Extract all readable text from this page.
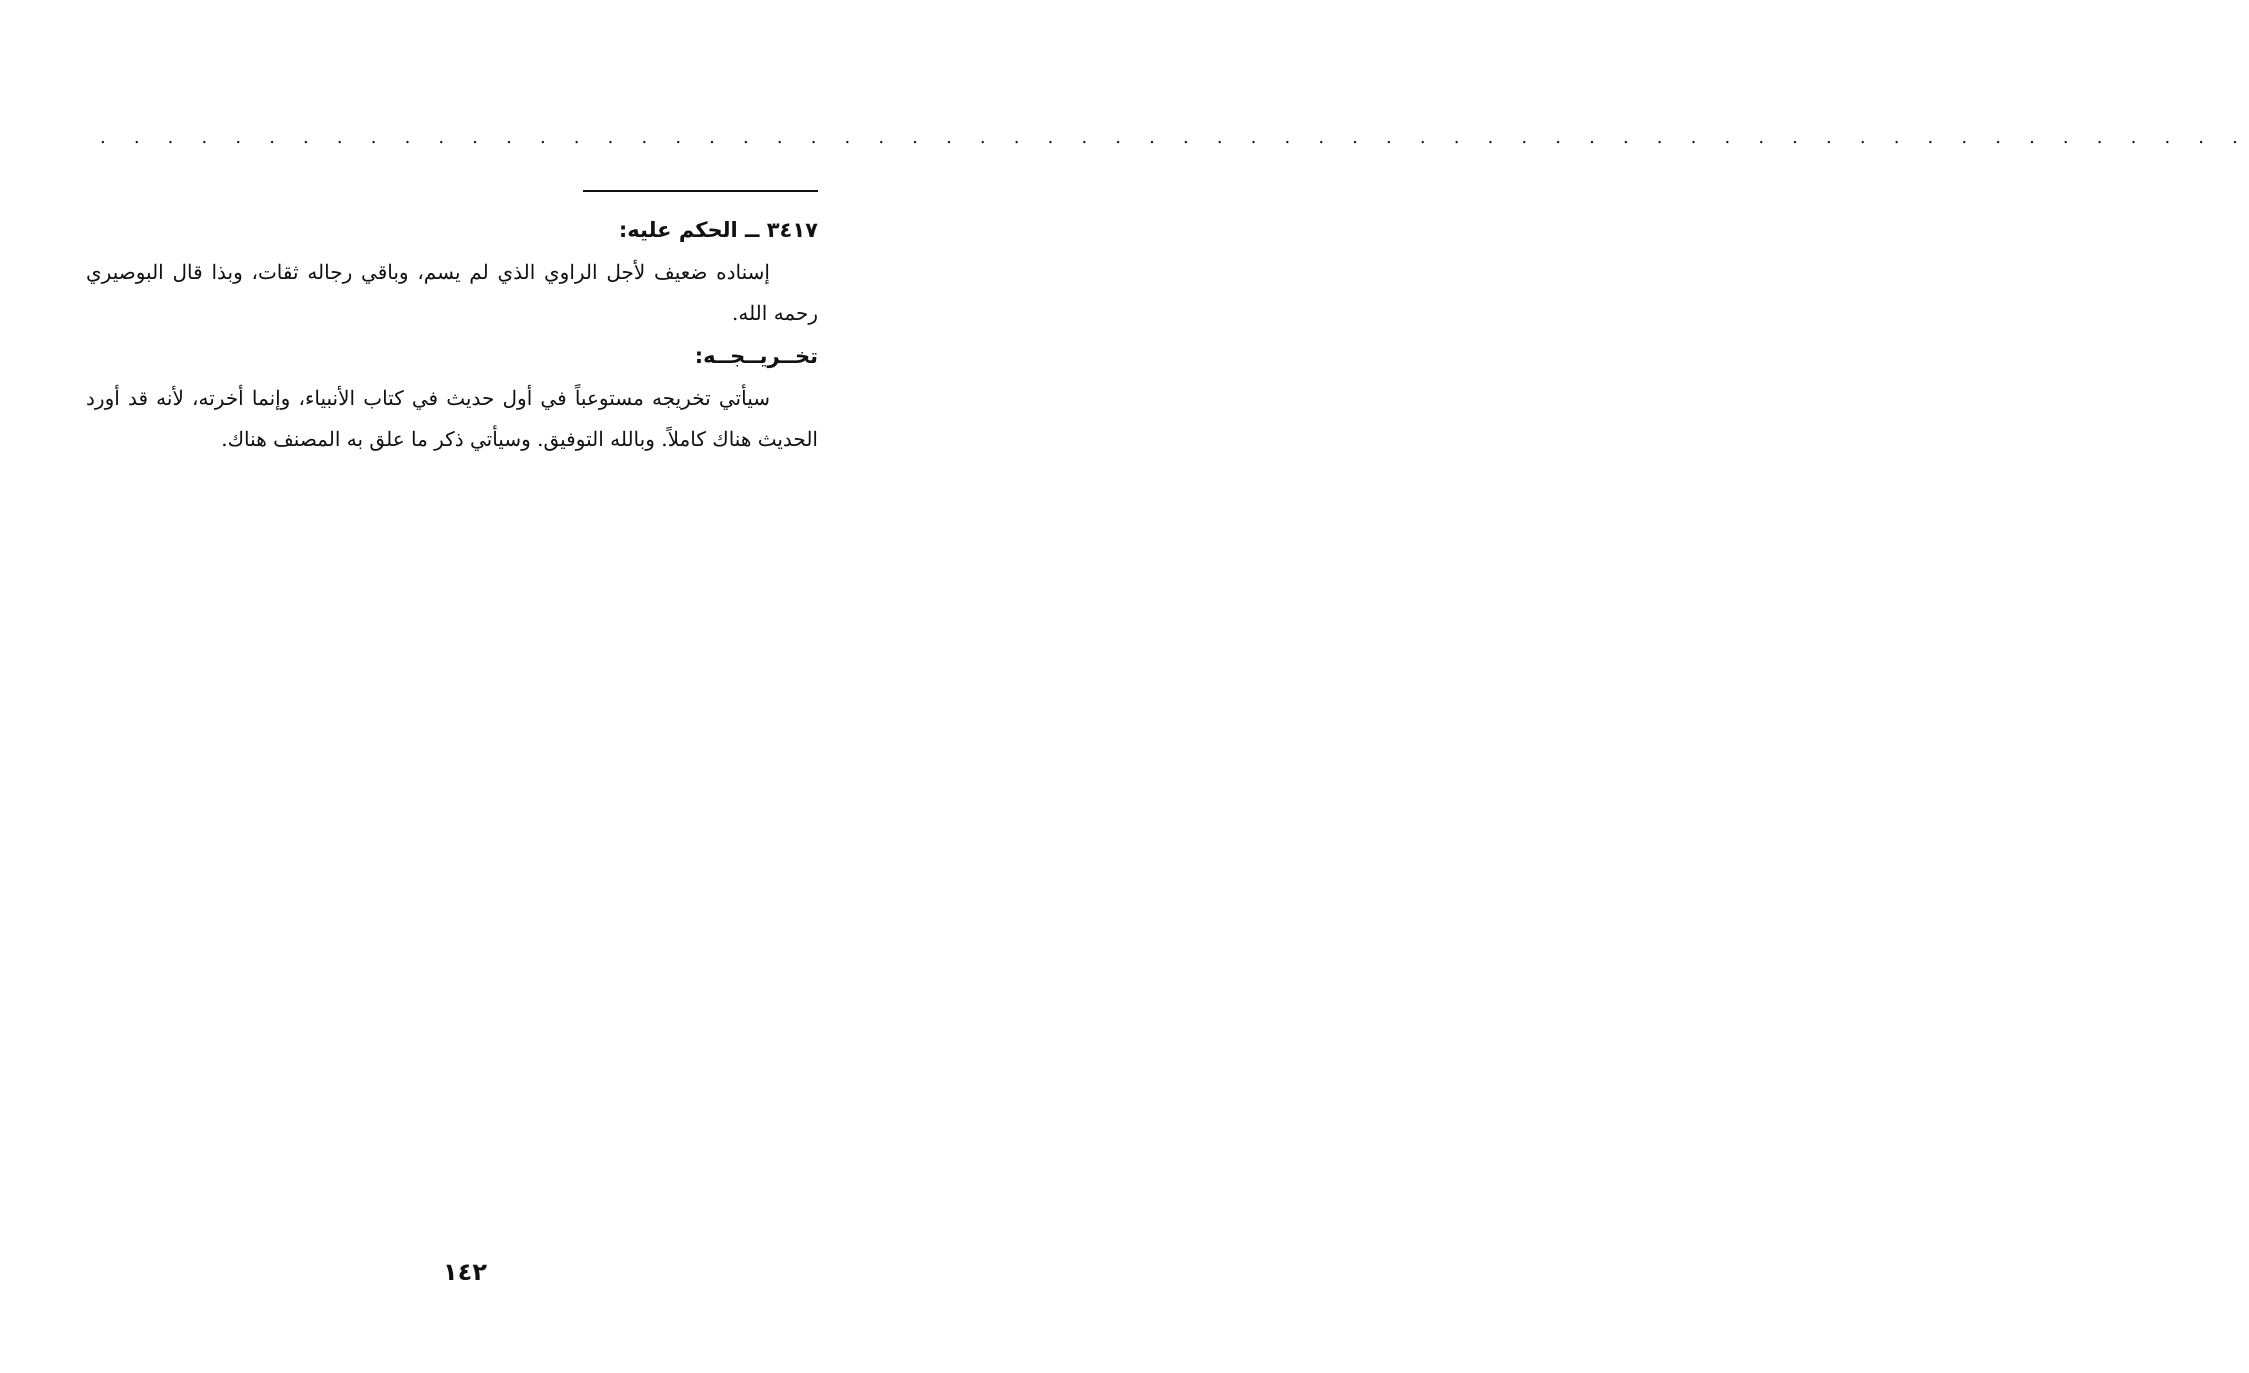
. . . . . . . . . . . . . . . . . . . . . . . . . . . . . . . . . . . . . . . . . . . . . . . . . . . . . . . . . . . . . . . .

٣٤١٧ ــ الحكم عليه:

إسناده ضعيف لأجل الراوي الذي لم يسم، وباقي رجاله ثقات، وبذا قال البوصيري رحمه الله.

تخــريــجــه:

سيأتي تخريجه مستوعباً في أول حديث في كتاب الأنبياء، وإنما أخرته، لأنه قد أورد الحديث هناك كاملاً. وبالله التوفيق. وسيأتي ذكر ما علق به المصنف هناك.

١٤٢
